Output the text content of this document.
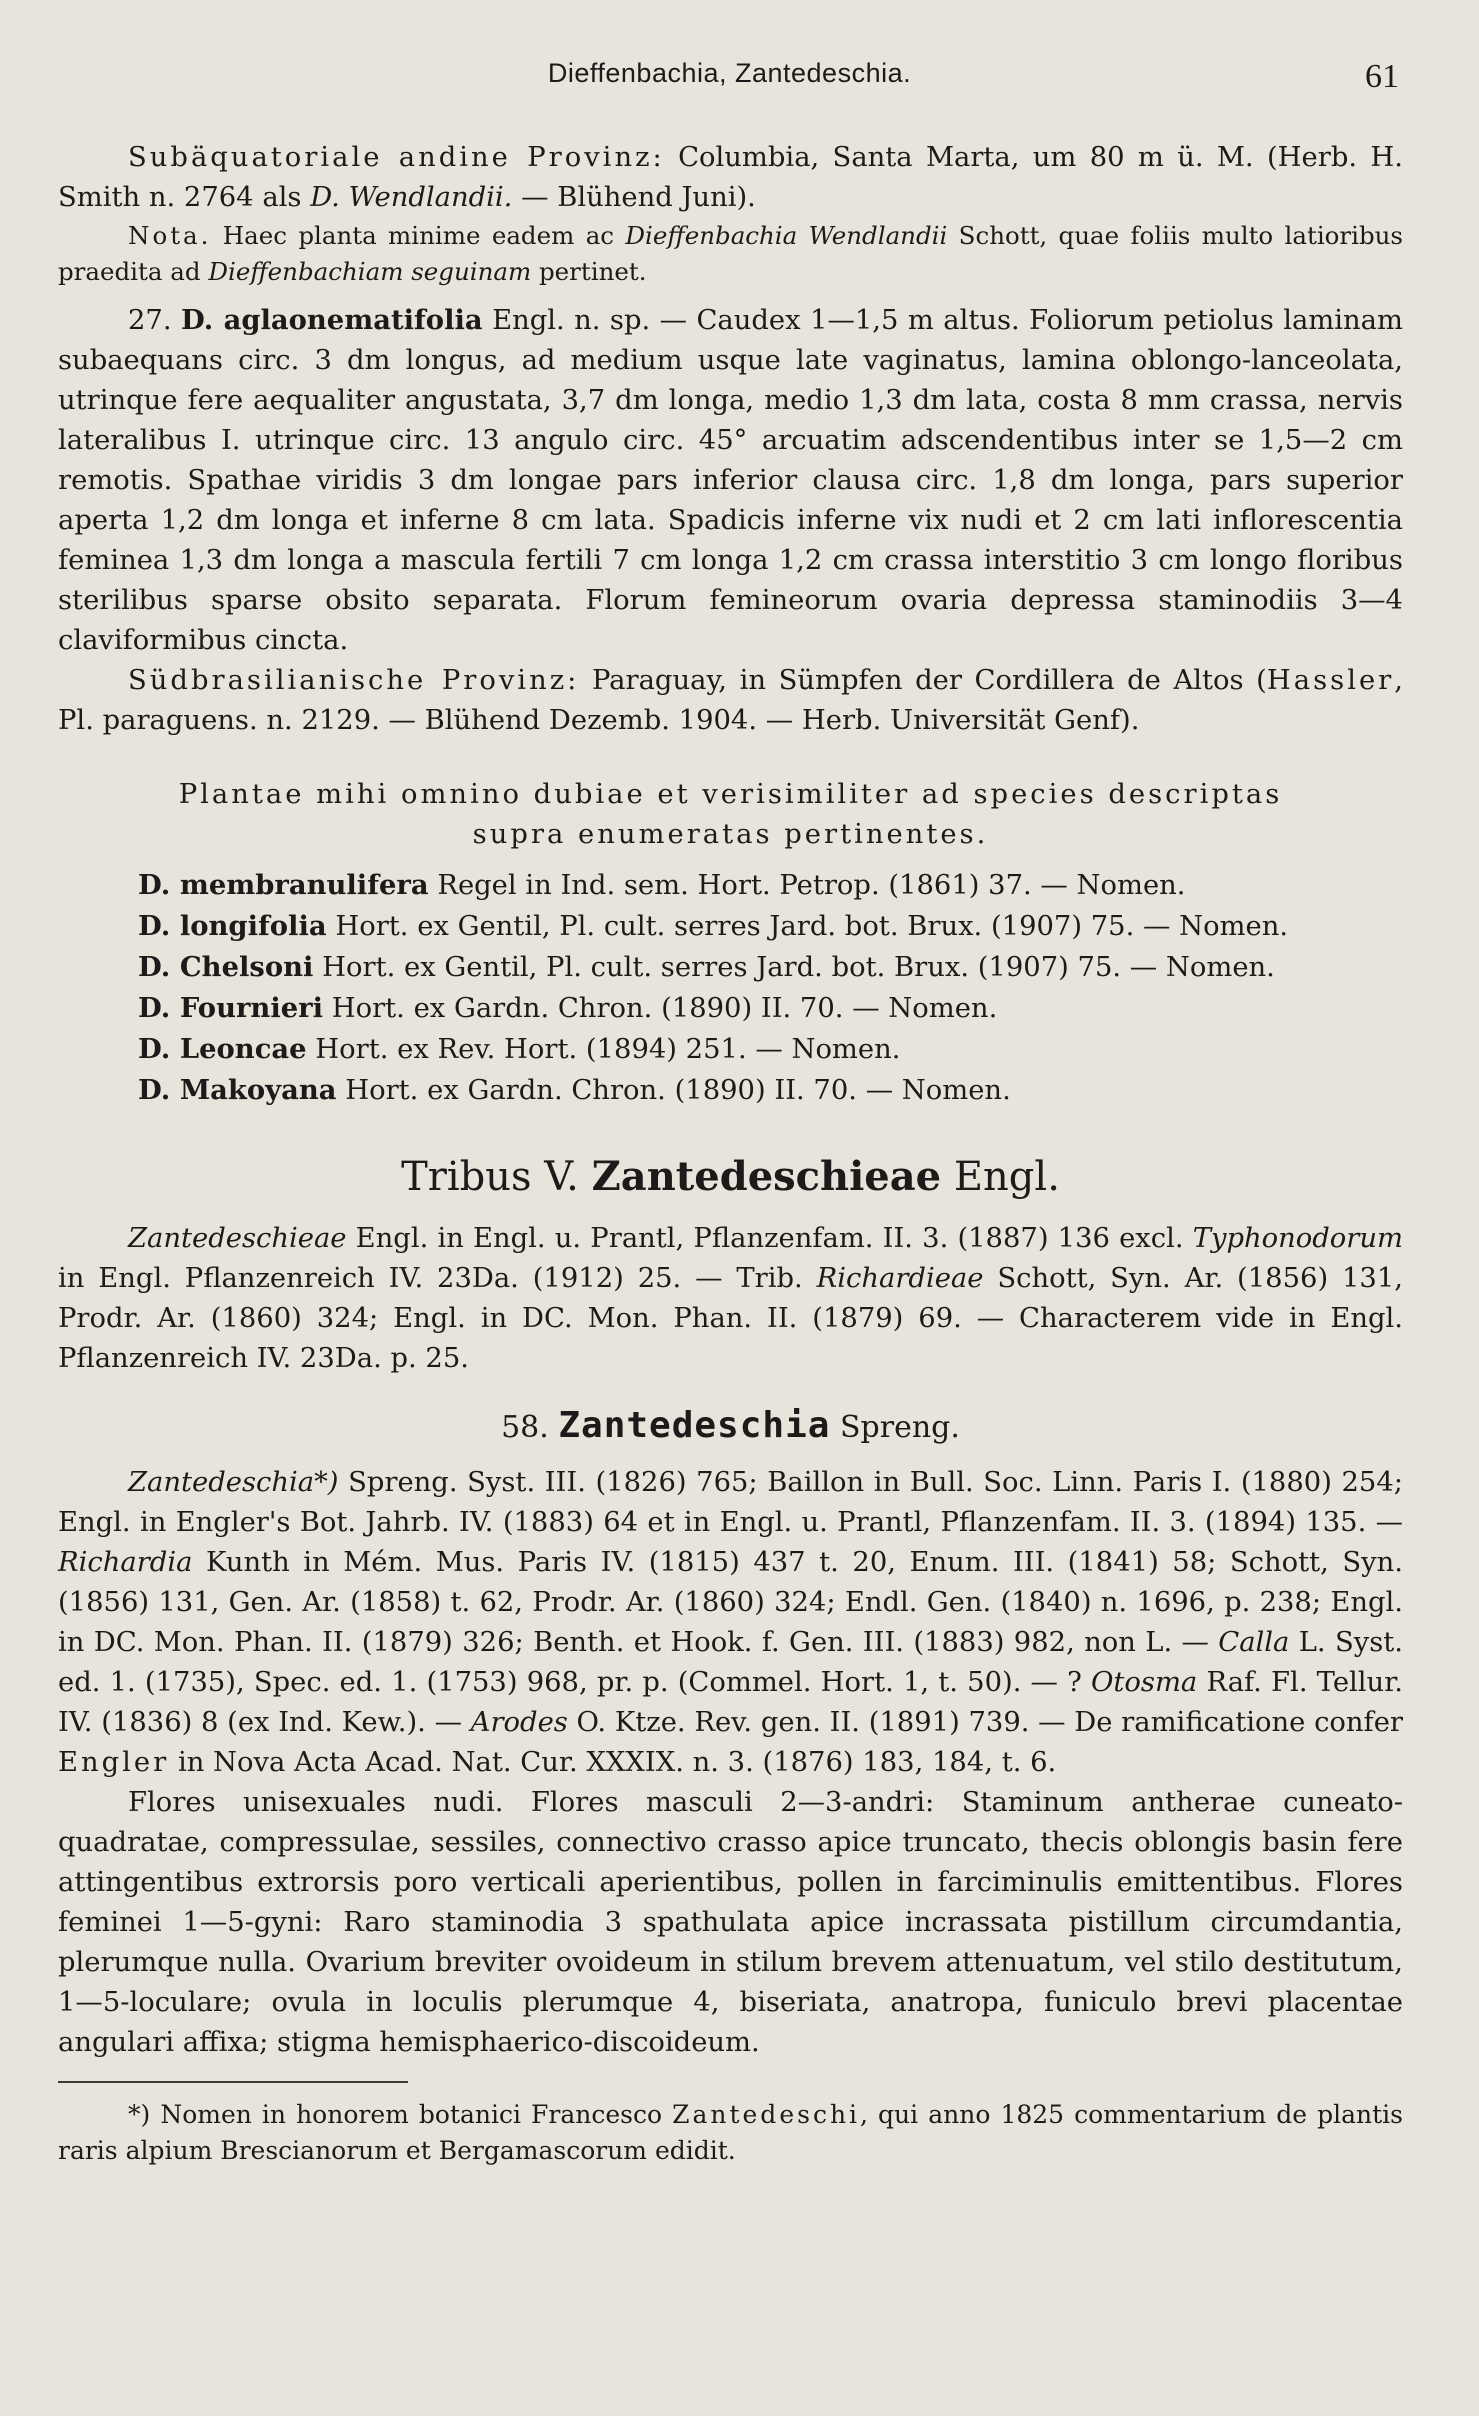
Dieffenbachia, Zantedeschia.	61

Subäquatoriale andine Provinz: Columbia, Santa Marta, um 80 m ü. M. (Herb. H. Smith n. 2764 als D. Wendlandii. — Blühend Juni).

Nota. Haec planta minime eadem ac Dieffenbachia Wendlandii Schott, quae foliis multo latioribus praedita ad Dieffenbachiam seguinam pertinet.

27. D. aglaonematifolia Engl. n. sp. — Caudex 1—1,5 m altus. Foliorum petiolus laminam subaequans circ. 3 dm longus, ad medium usque late vaginatus, lamina oblongo-lanceolata, utrinque fere aequaliter angustata, 3,7 dm longa, medio 1,3 dm lata, costa 8 mm crassa, nervis lateralibus I. utrinque circ. 13 angulo circ. 45° arcuatim adscendentibus inter se 1,5—2 cm remotis. Spathae viridis 3 dm longae pars inferior clausa circ. 1,8 dm longa, pars superior aperta 1,2 dm longa et inferne 8 cm lata. Spadicis inferne vix nudi et 2 cm lati inflorescentia feminea 1,3 dm longa a mascula fertili 7 cm longa 1,2 cm crassa interstitio 3 cm longo floribus sterilibus sparse obsito separata. Florum femineorum ovaria depressa staminodiis 3—4 claviformibus cincta.

Südbrasilianische Provinz: Paraguay, in Sümpfen der Cordillera de Altos (Hassler, Pl. paraguens. n. 2129. — Blühend Dezemb. 1904. — Herb. Universität Genf).

Plantae mihi omnino dubiae et verisimiliter ad species descriptas
supra enumeratas pertinentes.

D. membranulifera Regel in Ind. sem. Hort. Petrop. (1861) 37. — Nomen.

D. longifolia Hort. ex Gentil, Pl. cult. serres Jard. bot. Brux. (1907) 75. — Nomen.

D. Chelsoni Hort. ex Gentil, Pl. cult. serres Jard. bot. Brux. (1907) 75. — Nomen.

D. Fournieri Hort. ex Gardn. Chron. (1890) II. 70. — Nomen.

D. Leoncae Hort. ex Rev. Hort. (1894) 251. — Nomen.

D. Makoyana Hort. ex Gardn. Chron. (1890) II. 70. — Nomen.

Tribus V. Zantedeschieae Engl.

Zantedeschieae Engl. in Engl. u. Prantl, Pflanzenfam. II. 3. (1887) 136 excl. Typhonodorum in Engl. Pflanzenreich IV. 23Da. (1912) 25. — Trib. Richardieae Schott, Syn. Ar. (1856) 131, Prodr. Ar. (1860) 324; Engl. in DC. Mon. Phan. II. (1879) 69. — Characterem vide in Engl. Pflanzenreich IV. 23Da. p. 25.

58. Zantedeschia Spreng.

Zantedeschia*) Spreng. Syst. III. (1826) 765; Baillon in Bull. Soc. Linn. Paris I. (1880) 254; Engl. in Engler's Bot. Jahrb. IV. (1883) 64 et in Engl. u. Prantl, Pflanzenfam. II. 3. (1894) 135. — Richardia Kunth in Mém. Mus. Paris IV. (1815) 437 t. 20, Enum. III. (1841) 58; Schott, Syn. (1856) 131, Gen. Ar. (1858) t. 62, Prodr. Ar. (1860) 324; Endl. Gen. (1840) n. 1696, p. 238; Engl. in DC. Mon. Phan. II. (1879) 326; Benth. et Hook. f. Gen. III. (1883) 982, non L. — Calla L. Syst. ed. 1. (1735), Spec. ed. 1. (1753) 968, pr. p. (Commel. Hort. 1, t. 50). — ? Otosma Raf. Fl. Tellur. IV. (1836) 8 (ex Ind. Kew.). — Arodes O. Ktze. Rev. gen. II. (1891) 739. — De ramificatione confer Engler in Nova Acta Acad. Nat. Cur. XXXIX. n. 3. (1876) 183, 184, t. 6.

Flores unisexuales nudi. Flores masculi 2—3-andri: Staminum antherae cuneato-quadratae, compressulae, sessiles, connectivo crasso apice truncato, thecis oblongis basin fere attingentibus extrorsis poro verticali aperientibus, pollen in farciminulis emittentibus. Flores feminei 1—5-gyni: Raro staminodia 3 spathulata apice incrassata pistillum circumdantia, plerumque nulla. Ovarium breviter ovoideum in stilum brevem attenuatum, vel stilo destitutum, 1—5-loculare; ovula in loculis plerumque 4, biseriata, anatropa, funiculo brevi placentae angulari affixa; stigma hemisphaerico-discoideum.

*) Nomen in honorem botanici Francesco Zantedeschi, qui anno 1825 commentarium de plantis raris alpium Brescianorum et Bergamascorum edidit.
